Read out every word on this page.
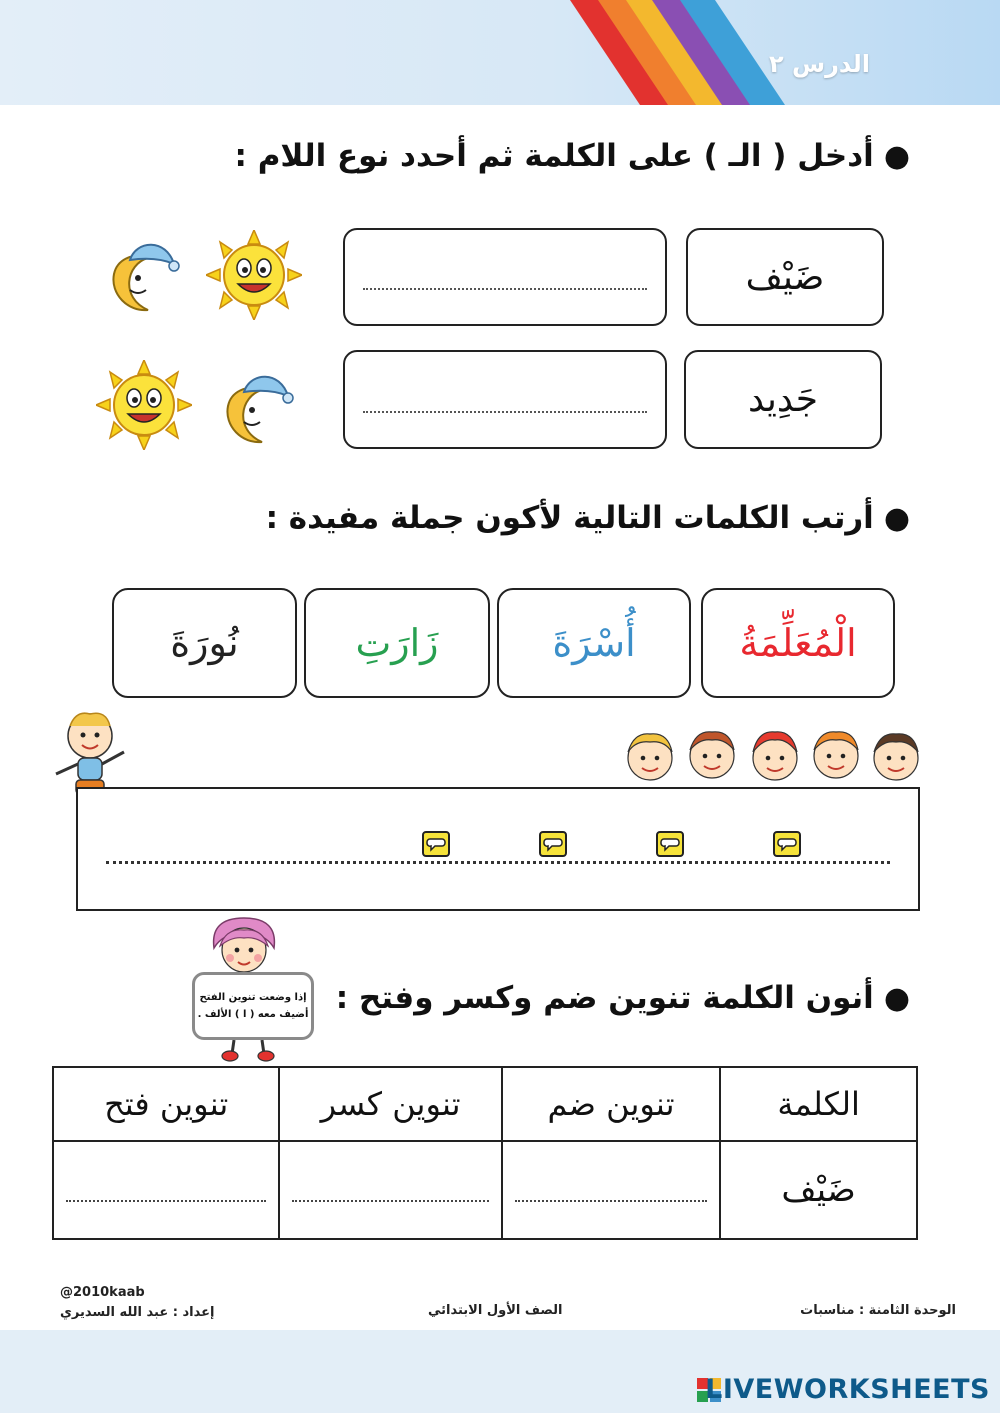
الدرس ٢
●أدخل ( الـ ) على الكلمة ثم أحدد نوع اللام :
ضَيْف
جَدِيد
●أرتب الكلمات التالية لأكون جملة مفيدة :
الْمُعَلِّمَةُ
أُسْرَةَ
زَارَتِ
نُورَةَ
●أنون الكلمة تنوين ضم وكسر وفتح :
إذا وضعت تنوين الفتح
أضيف معه ( ا ) الألف .
الكلمة	تنوين ضم	تنوين كسر	تنوين فتح
ضَيْف	

@2010kaab
إعداد : عبد الله السديري	الصف الأول الابتدائي	الوحدة الثامنة : مناسبات
LIVEWORKSHEETS
